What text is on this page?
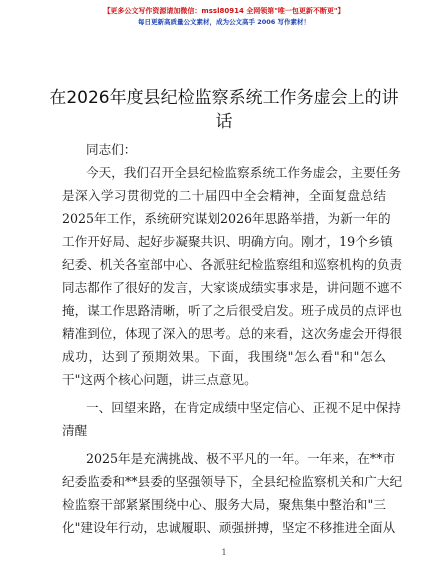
【更多公文写作资源请加微信：mssl80914 全网领第"唯一包更新不断更"】
每日更新高质量公文素材，成为公文高手 2006 写作素材！
在2026年度县纪检监察系统工作务虚会上的讲
话
同志们：
今天，我们召开全县纪检监察系统工作务虚会，主要任务
是深入学习贯彻党的二十届四中全会精神，全面复盘总结
2025年工作，系统研究谋划2026年思路举措，为新一年的
工作开好局、起好步凝聚共识、明确方向。刚才，19个乡镇
纪委、机关各室部中心、各派驻纪检监察组和巡察机构的负责
同志都作了很好的发言，大家谈成绩实事求是，讲问题不遮不
掩，谋工作思路清晰，听了之后很受启发。班子成员的点评也
精准到位，体现了深入的思考。总的来看，这次务虚会开得很
成功，达到了预期效果。下面，我围绕"怎么看"和"怎么
干"这两个核心问题，讲三点意见。
一、回望来路，在肯定成绩中坚定信心、正视不足中保持
清醒
2025年是充满挑战、极不平凡的一年。一年来，在**市
纪委监委和**县委的坚强领导下，全县纪检监察机关和广大纪
检监察干部紧紧围绕中心、服务大局，聚焦集中整治和"三
化"建设年行动，忠诚履职、顽强拼搏，坚定不移推进全面从
1
